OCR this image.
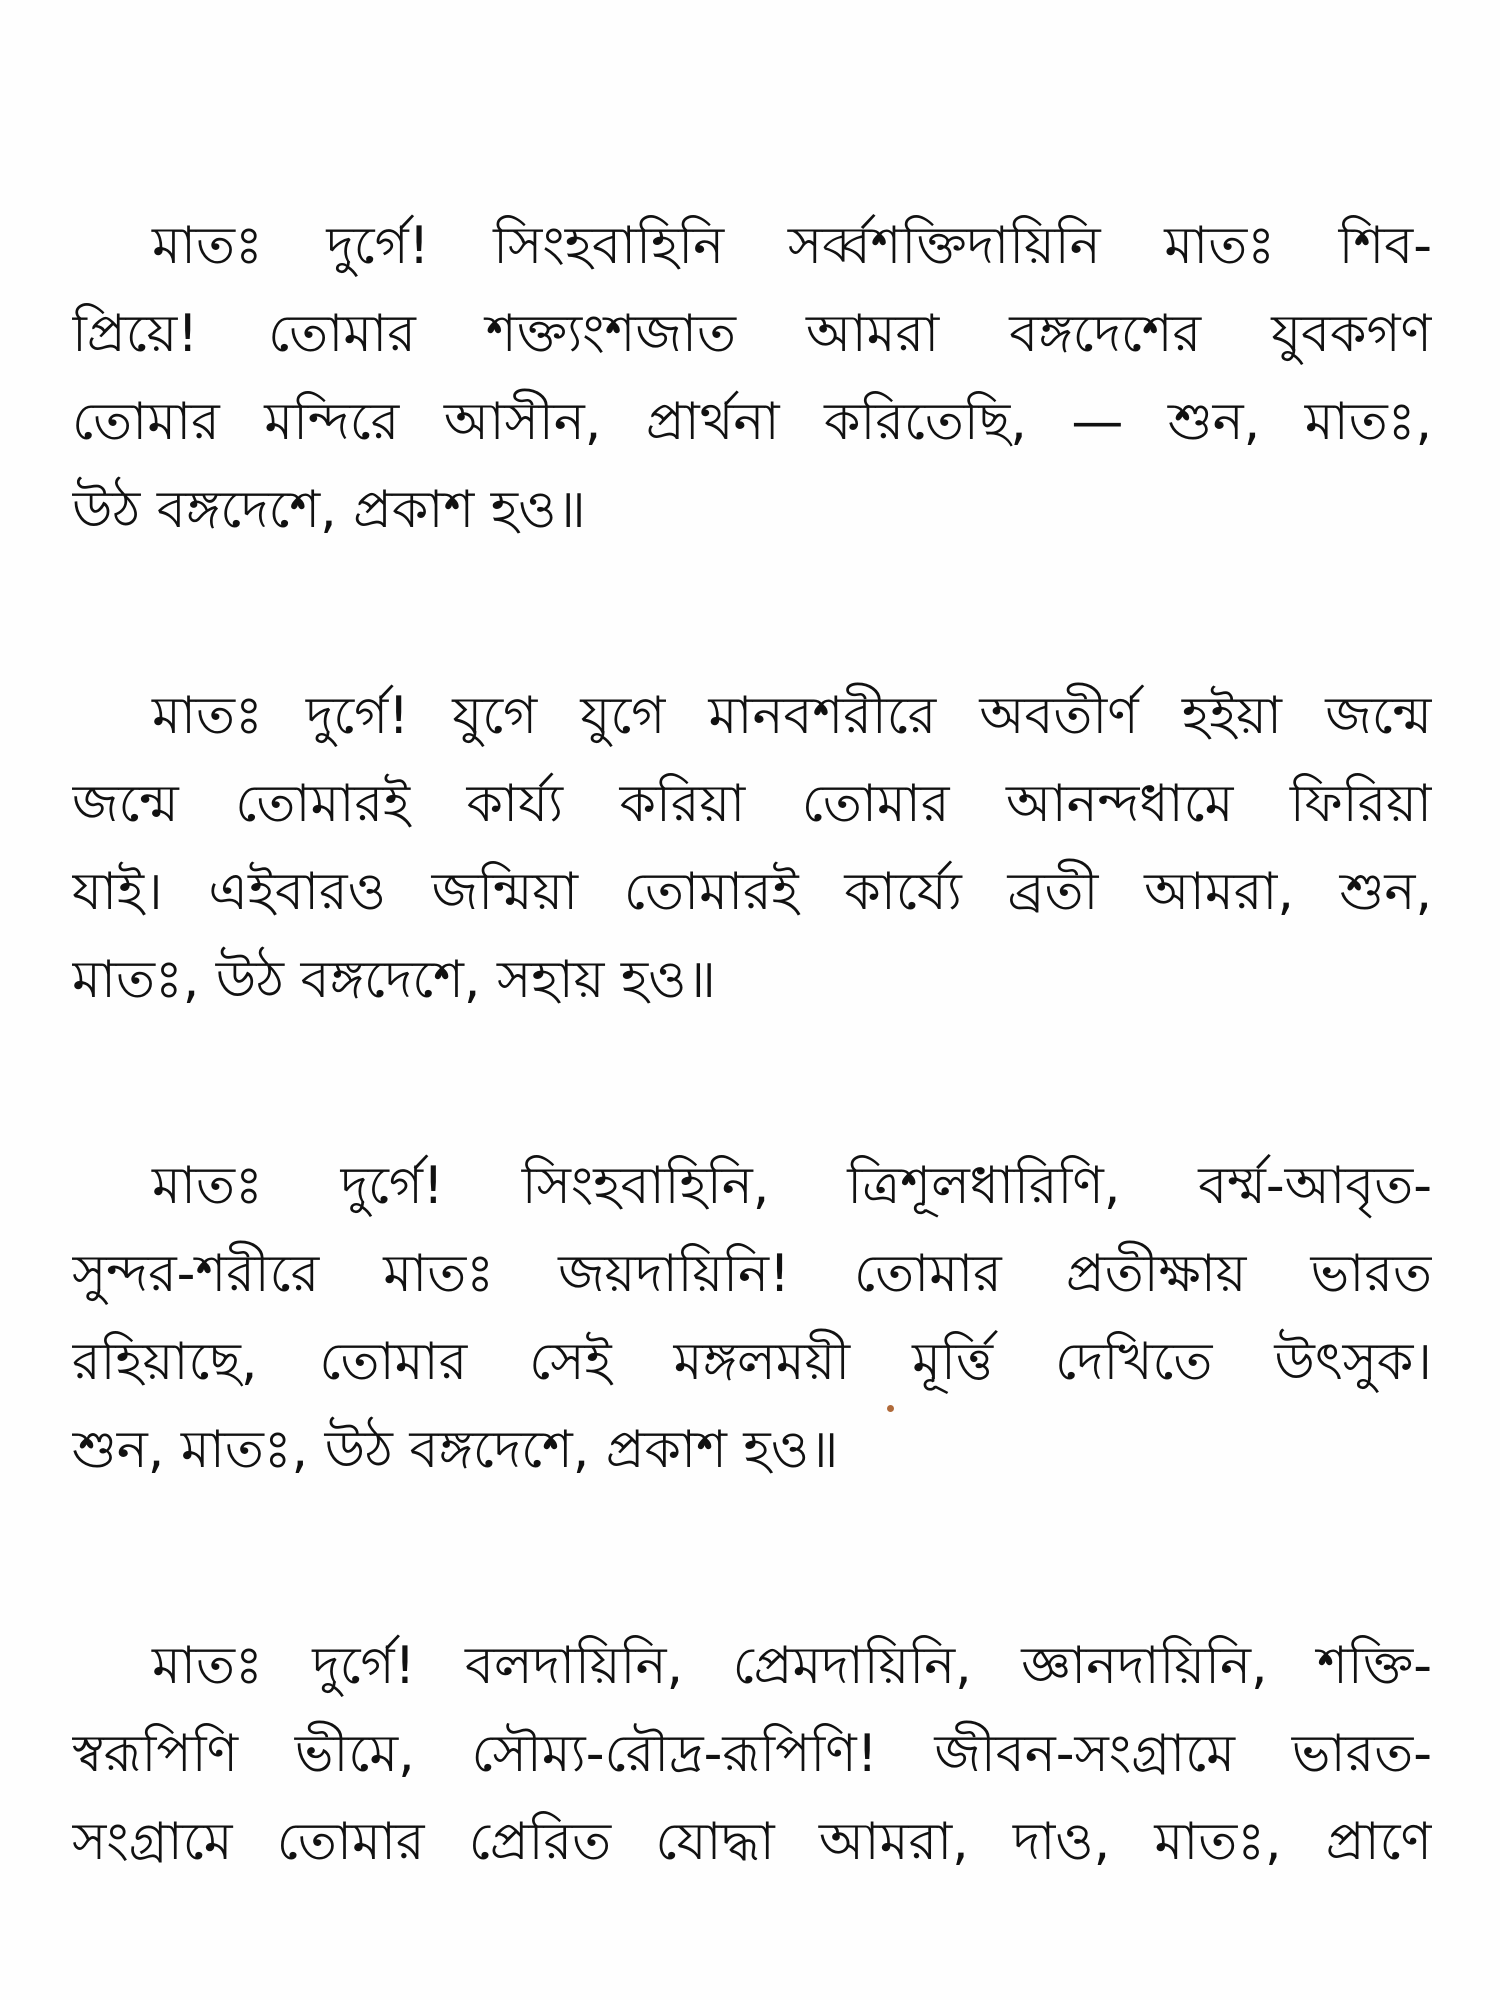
মাতঃ দুর্গে! সিংহবাহিনি সর্ব্বশক্তিদায়িনি মাতঃ শিব-
প্রিয়ে! তোমার শক্ত্যংশজাত আমরা বঙ্গদেশের যুবকগণ
তোমার মন্দিরে আসীন, প্রার্থনা করিতেছি, — শুন, মাতঃ,
উঠ বঙ্গদেশে, প্রকাশ হও॥
মাতঃ দুর্গে! যুগে যুগে মানবশরীরে অবতীর্ণ হইয়া জন্মে
জন্মে তোমারই কার্য্য করিয়া তোমার আনন্দধামে ফিরিয়া
যাই। এইবারও জন্মিয়া তোমারই কার্য্যে ব্রতী আমরা, শুন,
মাতঃ, উঠ বঙ্গদেশে, সহায় হও॥
মাতঃ দুর্গে! সিংহবাহিনি, ত্রিশূলধারিণি, বর্ম্ম-আবৃত-
সুন্দর-শরীরে মাতঃ জয়দায়িনি! তোমার প্রতীক্ষায় ভারত
রহিয়াছে, তোমার সেই মঙ্গলময়ী মূর্ত্তি দেখিতে উৎসুক।
শুন, মাতঃ, উঠ বঙ্গদেশে, প্রকাশ হও॥
মাতঃ দুর্গে! বলদায়িনি, প্রেমদায়িনি, জ্ঞানদায়িনি, শক্তি-
স্বরূপিণি ভীমে, সৌম্য-রৌদ্র-রূপিণি! জীবন-সংগ্রামে ভারত-
সংগ্রামে তোমার প্রেরিত যোদ্ধা আমরা, দাও, মাতঃ, প্রাণে
